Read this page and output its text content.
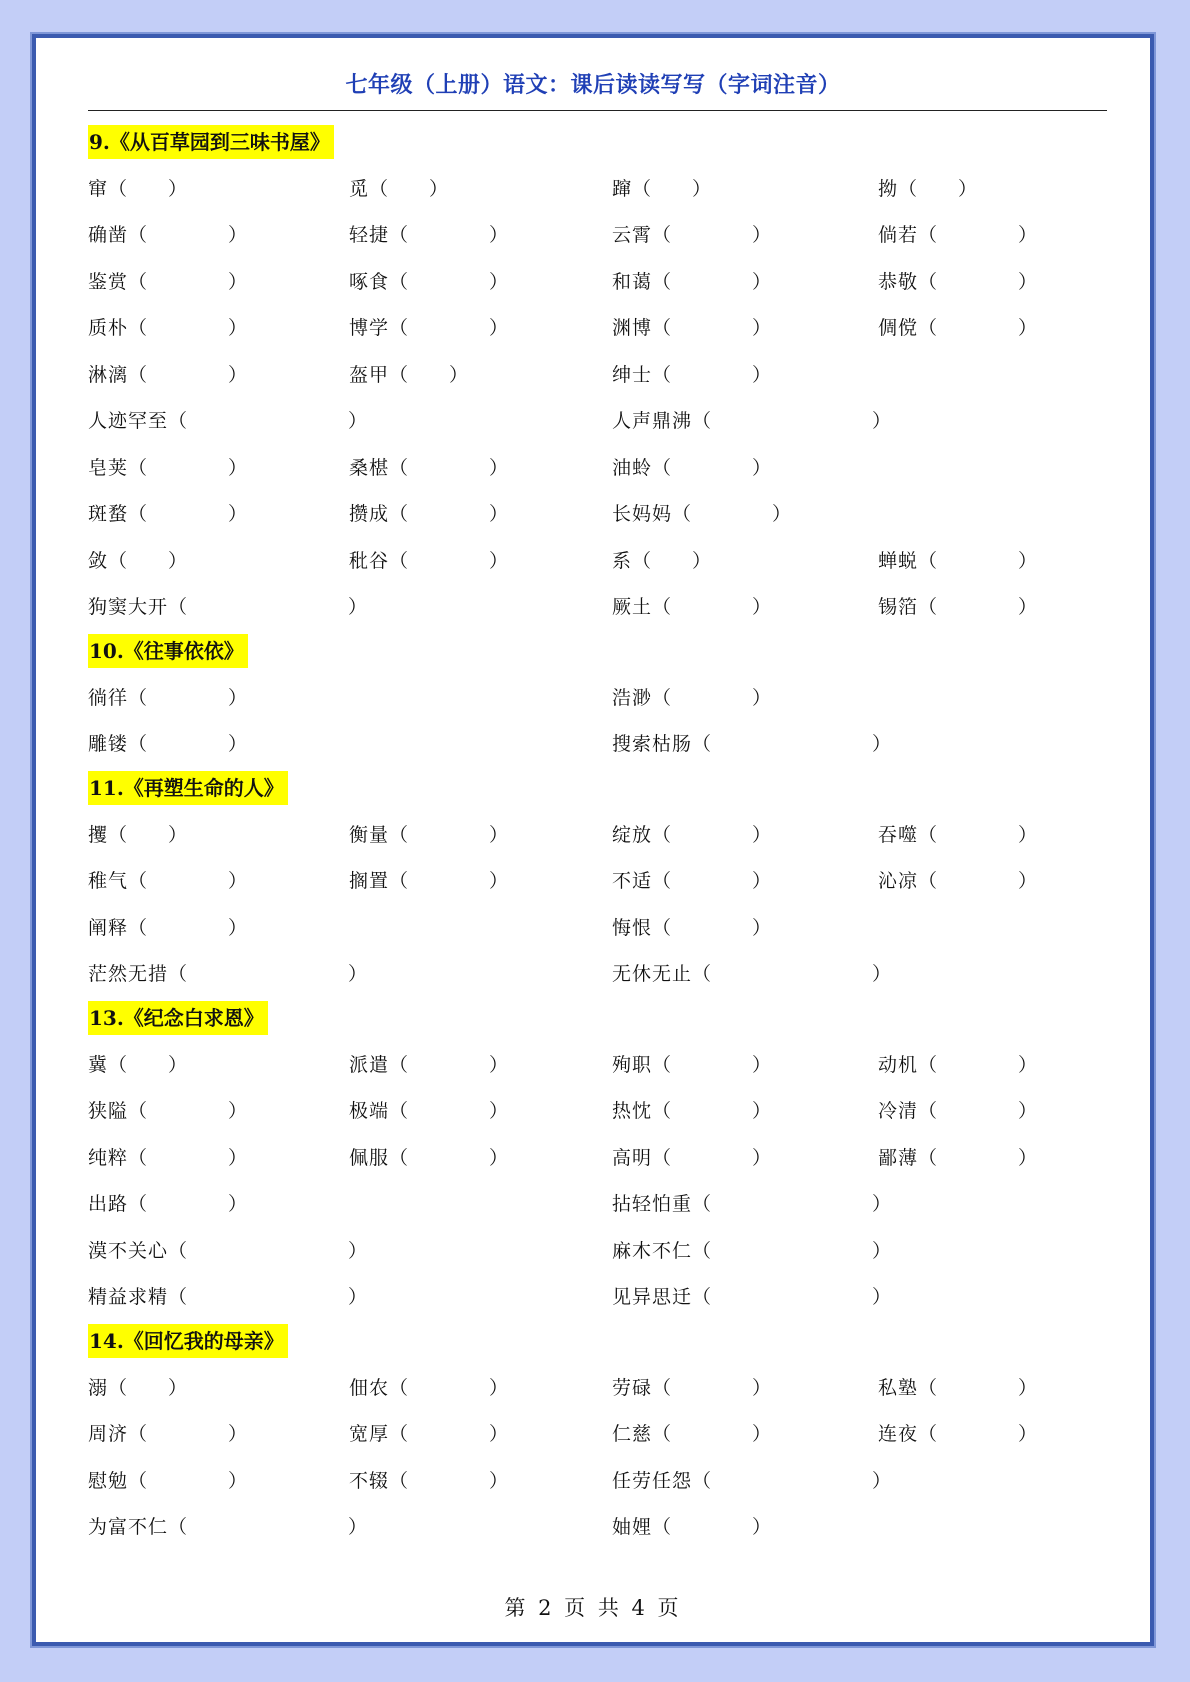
七年级（上册）语文：课后读读写写（字词注音）
9.《从百草园到三味书屋》
窜（　　）	觅（　　）	蹿（　　）	拗（　　）
确凿（　　　　）	轻捷（　　　　）	云霄（　　　　）	倘若（　　　　）
鉴赏（　　　　）	啄食（　　　　）	和蔼（　　　　）	恭敬（　　　　）
质朴（　　　　）	博学（　　　　）	渊博（　　　　）	倜傥（　　　　）
淋漓（　　　　）	盔甲（　　）	绅士（　　　　）
人迹罕至（　　　　　　　　）	人声鼎沸（　　　　　　　　）
皂荚（　　　　）	桑椹（　　　　）	油蛉（　　　　）
斑蝥（　　　　）	攒成（　　　　）	长妈妈（　　　　）
敛（　　）	秕谷（　　　　）	系（　　）	蝉蜕（　　　　）
狗窦大开（　　　　　　　　）	厥土（　　　　）	锡箔（　　　　）
10.《往事依依》
徜徉（　　　　）	浩渺（　　　　）
雕镂（　　　　）	搜索枯肠（　　　　　　　　）
11.《再塑生命的人》
攫（　　）	衡量（　　　　）	绽放（　　　　）	吞噬（　　　　）
稚气（　　　　）	搁置（　　　　）	不适（　　　　）	沁凉（　　　　）
阐释（　　　　）	悔恨（　　　　）
茫然无措（　　　　　　　　）	无休无止（　　　　　　　　）
13.《纪念白求恩》
冀（　　）	派遣（　　　　）	殉职（　　　　）	动机（　　　　）
狭隘（　　　　）	极端（　　　　）	热忱（　　　　）	冷清（　　　　）
纯粹（　　　　）	佩服（　　　　）	高明（　　　　）	鄙薄（　　　　）
出路（　　　　）	拈轻怕重（　　　　　　　　）
漠不关心（　　　　　　　　）	麻木不仁（　　　　　　　　）
精益求精（　　　　　　　　）	见异思迁（　　　　　　　　）
14.《回忆我的母亲》
溺（　　）	佃农（　　　　）	劳碌（　　　　）	私塾（　　　　）
周济（　　　　）	宽厚（　　　　）	仁慈（　　　　）	连夜（　　　　）
慰勉（　　　　）	不辍（　　　　）	任劳任怨（　　　　　　　　）
为富不仁（　　　　　　　　）	妯娌（　　　　）
第 2 页 共 4 页
